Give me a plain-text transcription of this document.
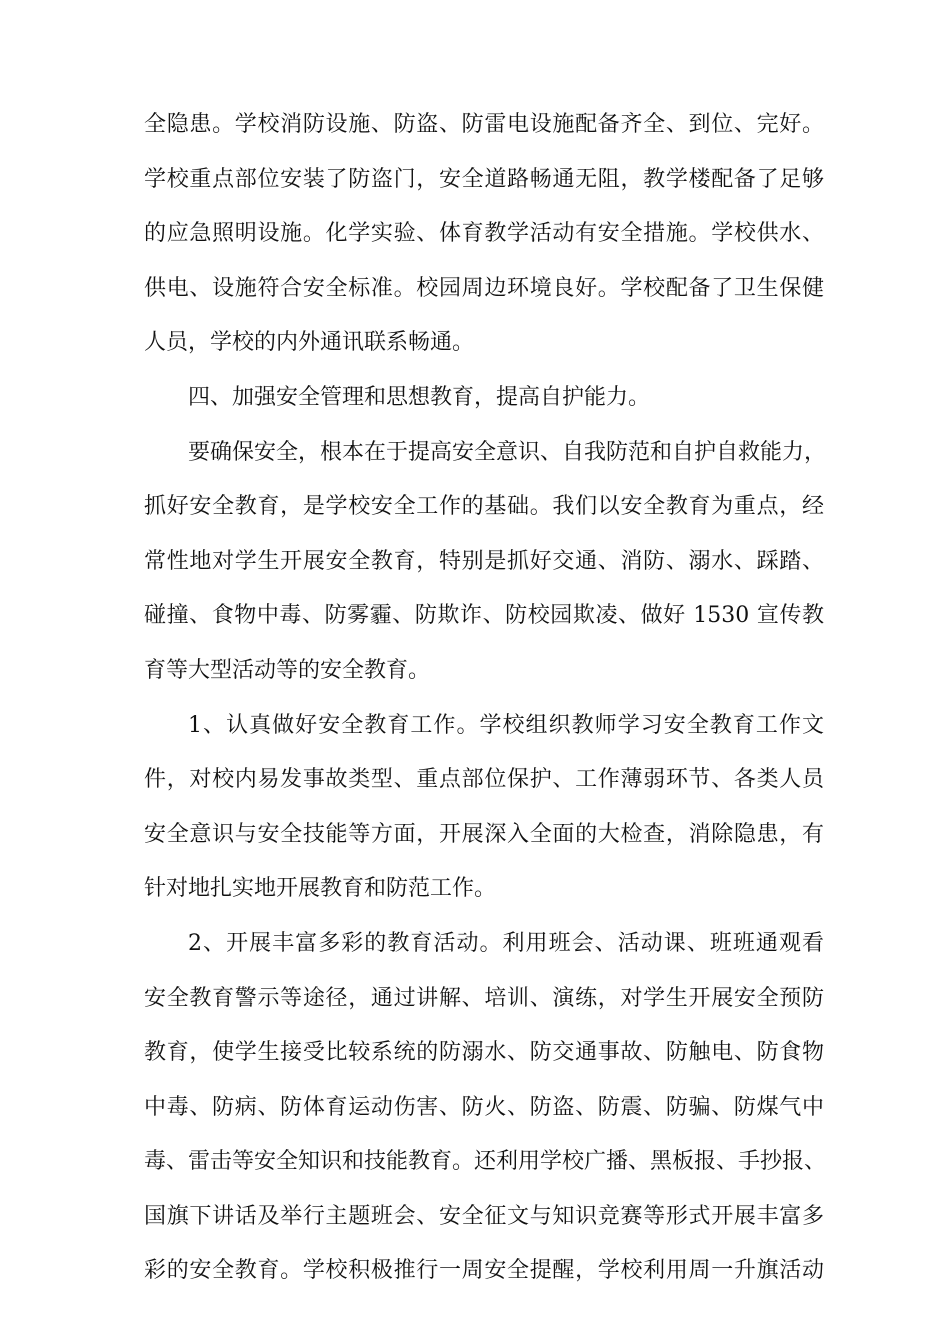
全隐患。学校消防设施、防盗、防雷电设施配备齐全、到位、完好。
学校重点部位安装了防盗门，安全道路畅通无阻，教学楼配备了足够
的应急照明设施。化学实验、体育教学活动有安全措施。学校供水、
供电、设施符合安全标准。校园周边环境良好。学校配备了卫生保健
人员，学校的内外通讯联系畅通。
四、加强安全管理和思想教育，提高自护能力。
要确保安全，根本在于提高安全意识、自我防范和自护自救能力，
抓好安全教育，是学校安全工作的基础。我们以安全教育为重点，经
常性地对学生开展安全教育，特别是抓好交通、消防、溺水、踩踏、
碰撞、食物中毒、防雾霾、防欺诈、防校园欺凌、做好 1530 宣传教
育等大型活动等的安全教育。
1、认真做好安全教育工作。学校组织教师学习安全教育工作文
件，对校内易发事故类型、重点部位保护、工作薄弱环节、各类人员
安全意识与安全技能等方面，开展深入全面的大检查，消除隐患，有
针对地扎实地开展教育和防范工作。
2、开展丰富多彩的教育活动。利用班会、活动课、班班通观看
安全教育警示等途径，通过讲解、培训、演练，对学生开展安全预防
教育，使学生接受比较系统的防溺水、防交通事故、防触电、防食物
中毒、防病、防体育运动伤害、防火、防盗、防震、防骗、防煤气中
毒、雷击等安全知识和技能教育。还利用学校广播、黑板报、手抄报、
国旗下讲话及举行主题班会、安全征文与知识竞赛等形式开展丰富多
彩的安全教育。学校积极推行一周安全提醒，学校利用周一升旗活动
